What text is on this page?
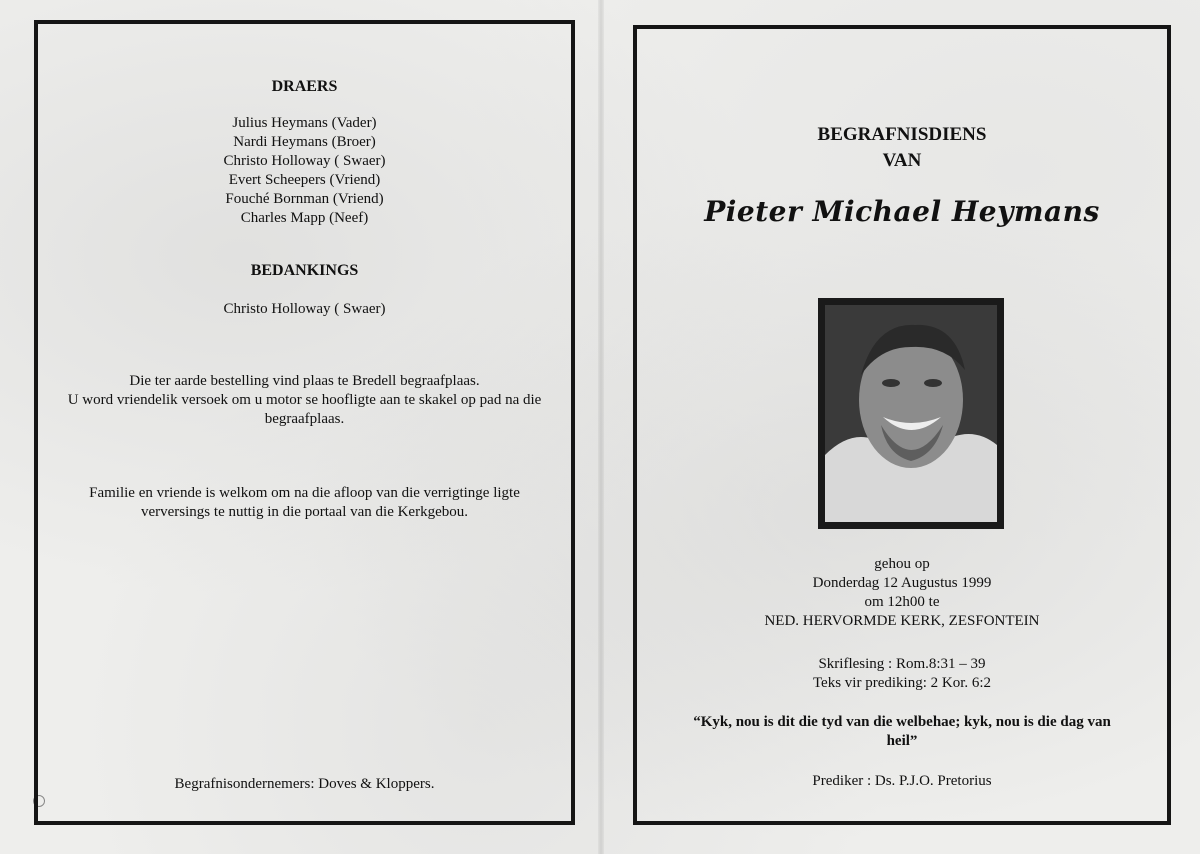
DRAERS
Julius Heymans (Vader)
Nardi Heymans (Broer)
Christo Holloway ( Swaer)
Evert Scheepers (Vriend)
Fouché Bornman (Vriend)
Charles Mapp (Neef)
BEDANKINGS
Christo Holloway ( Swaer)
Die ter aarde bestelling vind plaas te Bredell begraafplaas.
U word vriendelik versoek om u motor se hoofligte aan te skakel op pad na die
begraafplaas.
Familie en vriende is welkom om na die afloop van die verrigtinge ligte
verversings te nuttig in die portaal van die Kerkgebou.
Begrafnisondernemers: Doves & Kloppers.
BEGRAFNISDIENS
VAN
Pieter Michael Heymans
gehou op
Donderdag 12 Augustus 1999
om 12h00 te
NED. HERVORMDE KERK, ZESFONTEIN
Skriflesing : Rom.8:31 – 39
Teks vir prediking: 2 Kor. 6:2
“Kyk, nou is dit die tyd van die welbehae; kyk, nou is die dag van
heil”
Prediker : Ds. P.J.O. Pretorius
